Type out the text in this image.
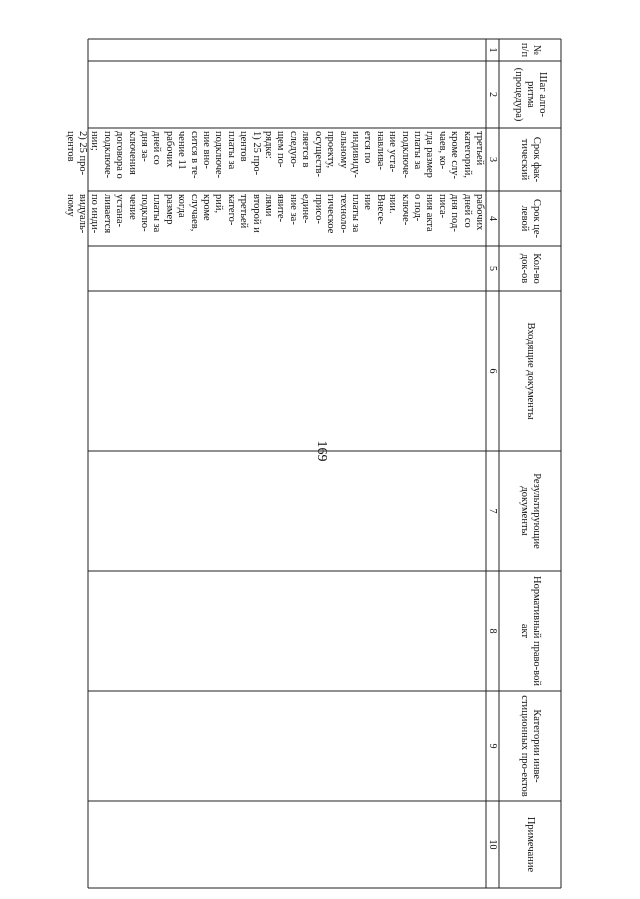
169
№ п/п
Шаг алго-ритма (процедура)
Срок фак-тический
Срок це-левой
Кол-во док-ов
Входящие документы
Результирующие документы
Нормативный право-вой акт
Категории инве-стиционных про-ектов
Примечание
1
2
3
4
5
6
7
8
9
10
третьей
категорий,
кроме слу-
чаев, ко-
гда размер
платы за
подключе-
ние уста-
навлива-
ется по
индивиду-
альному
проекту,
осуществ-
ляется в
следую-
щем по-
рядке:
1) 25 про-
центов
платы за
подключе-
ние вно-
сится в те-
чение 11
рабочих
дней со
дня за-
ключения
договора о
подключе-
нии;
2) 25 про-
центов
рабочих
дней со
дня под-
писа-
ния акта
о под-
ключе-
нии.
Внесе-
ние
платы за
техноло-
гическое
присо-
едине-
ние за-
явите-
лями
второй и
третьей
катего-
рий,
кроме
случаев,
когда
размер
платы за
подклю-
чение
устана-
ливается
по инди-
видуаль-
ному
